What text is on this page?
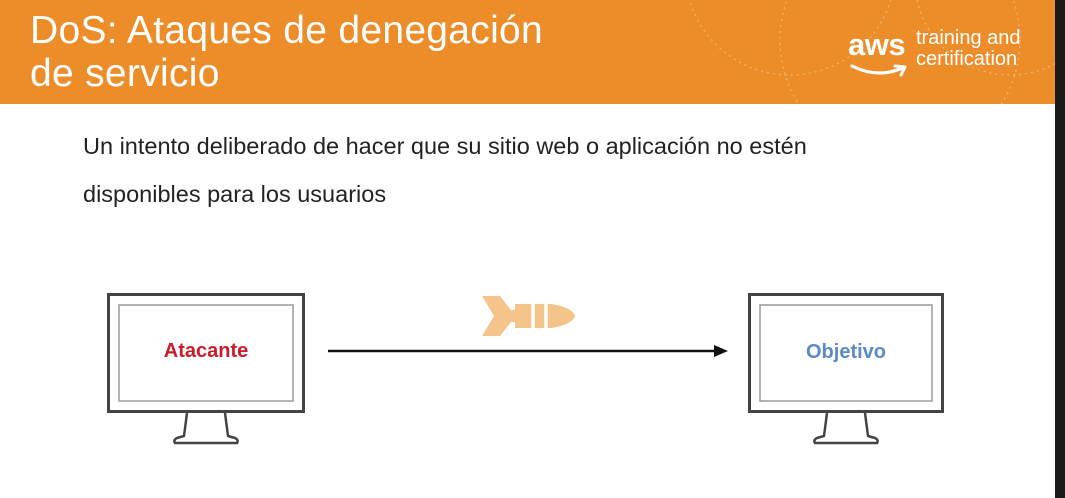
DoS: Ataques de denegación
de servicio
aws training and
certification

Un intento deliberado de hacer que su sitio web o aplicación no estén disponibles para los usuarios

Atacante	Objetivo
